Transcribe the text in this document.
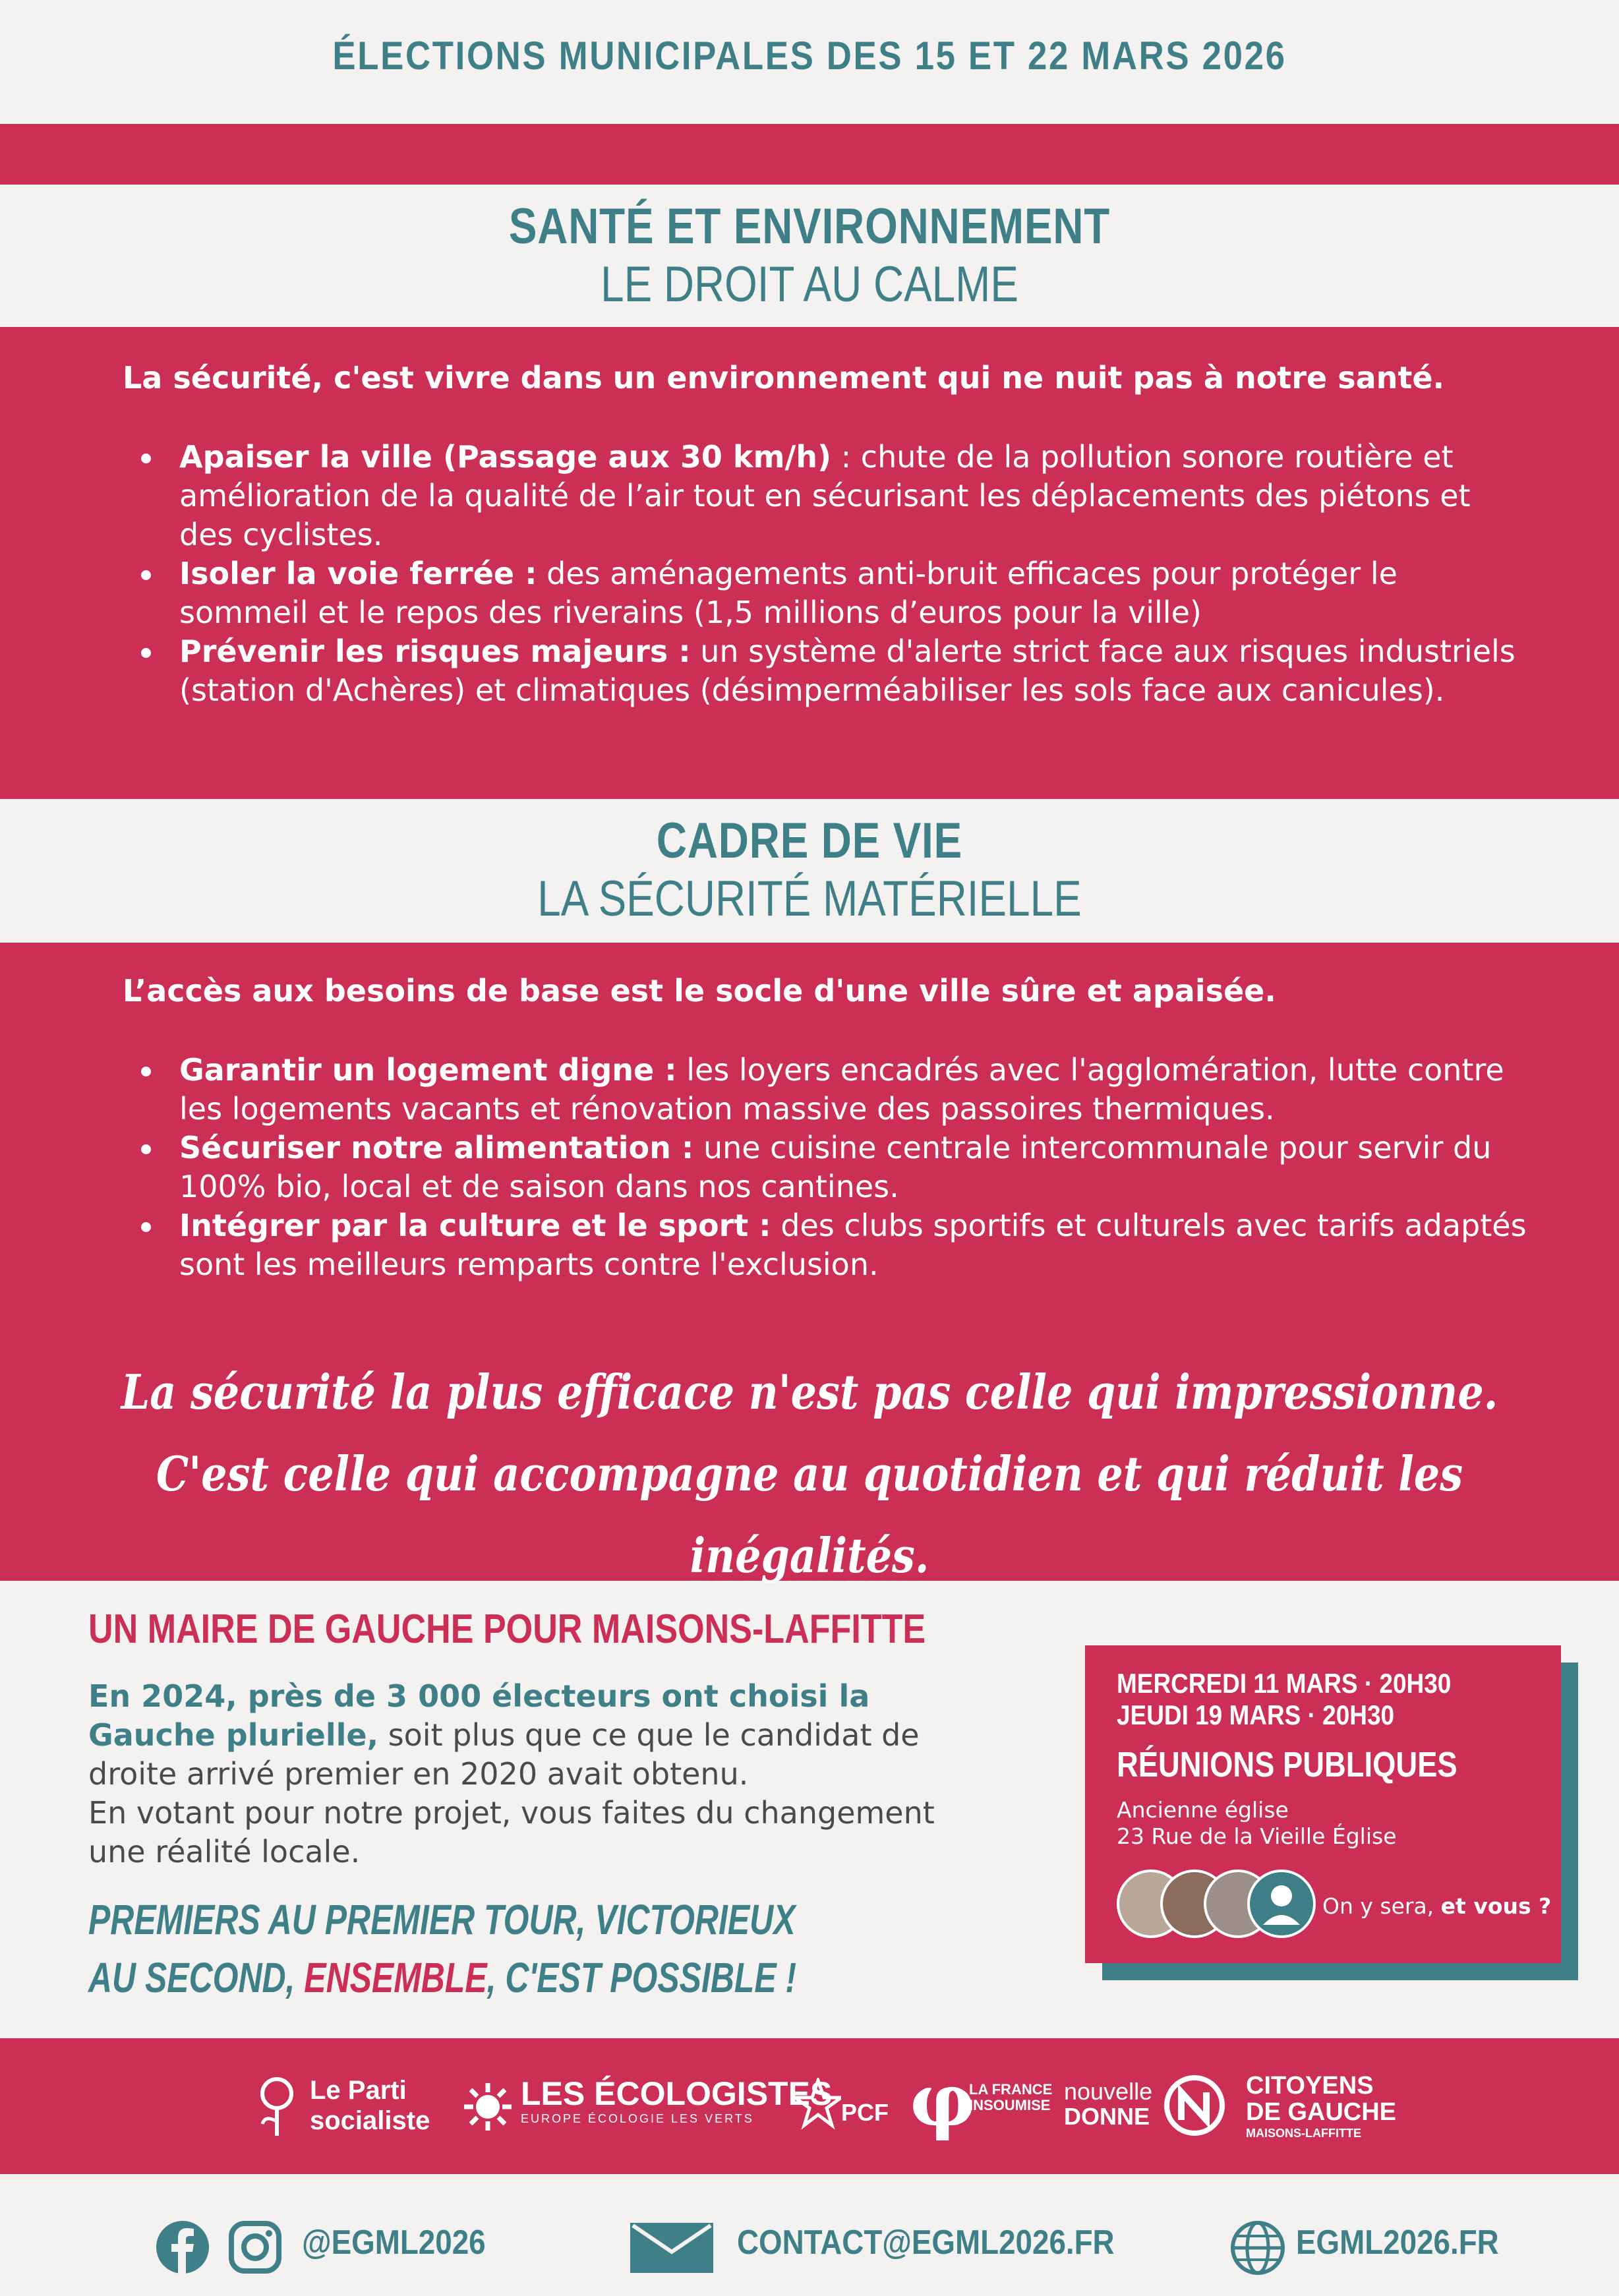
ÉLECTIONS MUNICIPALES DES 15 ET 22 MARS 2026
SANTÉ ET ENVIRONNEMENT
LE DROIT AU CALME
La sécurité, c'est vivre dans un environnement qui ne nuit pas à notre santé.
Apaiser la ville (Passage aux 30 km/h) : chute de la pollution sonore routière et amélioration de la qualité de l’air tout en sécurisant les déplacements des piétons et des cyclistes.
Isoler la voie ferrée : des aménagements anti-bruit efficaces pour protéger le sommeil et le repos des riverains (1,5 millions d’euros pour la ville)
Prévenir les risques majeurs : un système d'alerte strict face aux risques industriels (station d'Achères) et climatiques (désimperméabiliser les sols face aux canicules).
CADRE DE VIE
LA SÉCURITÉ MATÉRIELLE
L’accès aux besoins de base est le socle d'une ville sûre et apaisée.
Garantir un logement digne : les loyers encadrés avec l'agglomération, lutte contre les logements vacants et rénovation massive des passoires thermiques.
Sécuriser notre alimentation : une cuisine centrale intercommunale pour servir du 100% bio, local et de saison dans nos cantines.
Intégrer par la culture et le sport : des clubs sportifs et culturels avec tarifs adaptés sont les meilleurs remparts contre l'exclusion.
La sécurité la plus efficace n'est pas celle qui impressionne.
C'est celle qui accompagne au quotidien et qui réduit les inégalités.
UN MAIRE DE GAUCHE POUR MAISONS-LAFFITTE
En 2024, près de 3 000 électeurs ont choisi la Gauche plurielle, soit plus que ce que le candidat de droite arrivé premier en 2020 avait obtenu.
En votant pour notre projet, vous faites du changement une réalité locale.
PREMIERS AU PREMIER TOUR, VICTORIEUX
AU SECOND, ENSEMBLE, C'EST POSSIBLE !
MERCREDI 11 MARS · 20H30
JEUDI 19 MARS · 20H30
RÉUNIONS PUBLIQUES
Ancienne église
23 Rue de la Vieille Église
On y sera, et vous ?
Le Parti
socialiste
LES ÉCOLOGISTES
EUROPE ÉCOLOGIE LES VERTS	PCF φ
LA FRANCE INSOUMISE
nouvelle
DONNE
CITOYENS
DE GAUCHE
MAISONS-LAFFITTE
@EGML2026	CONTACT@EGML2026.FR	EGML2026.FR
